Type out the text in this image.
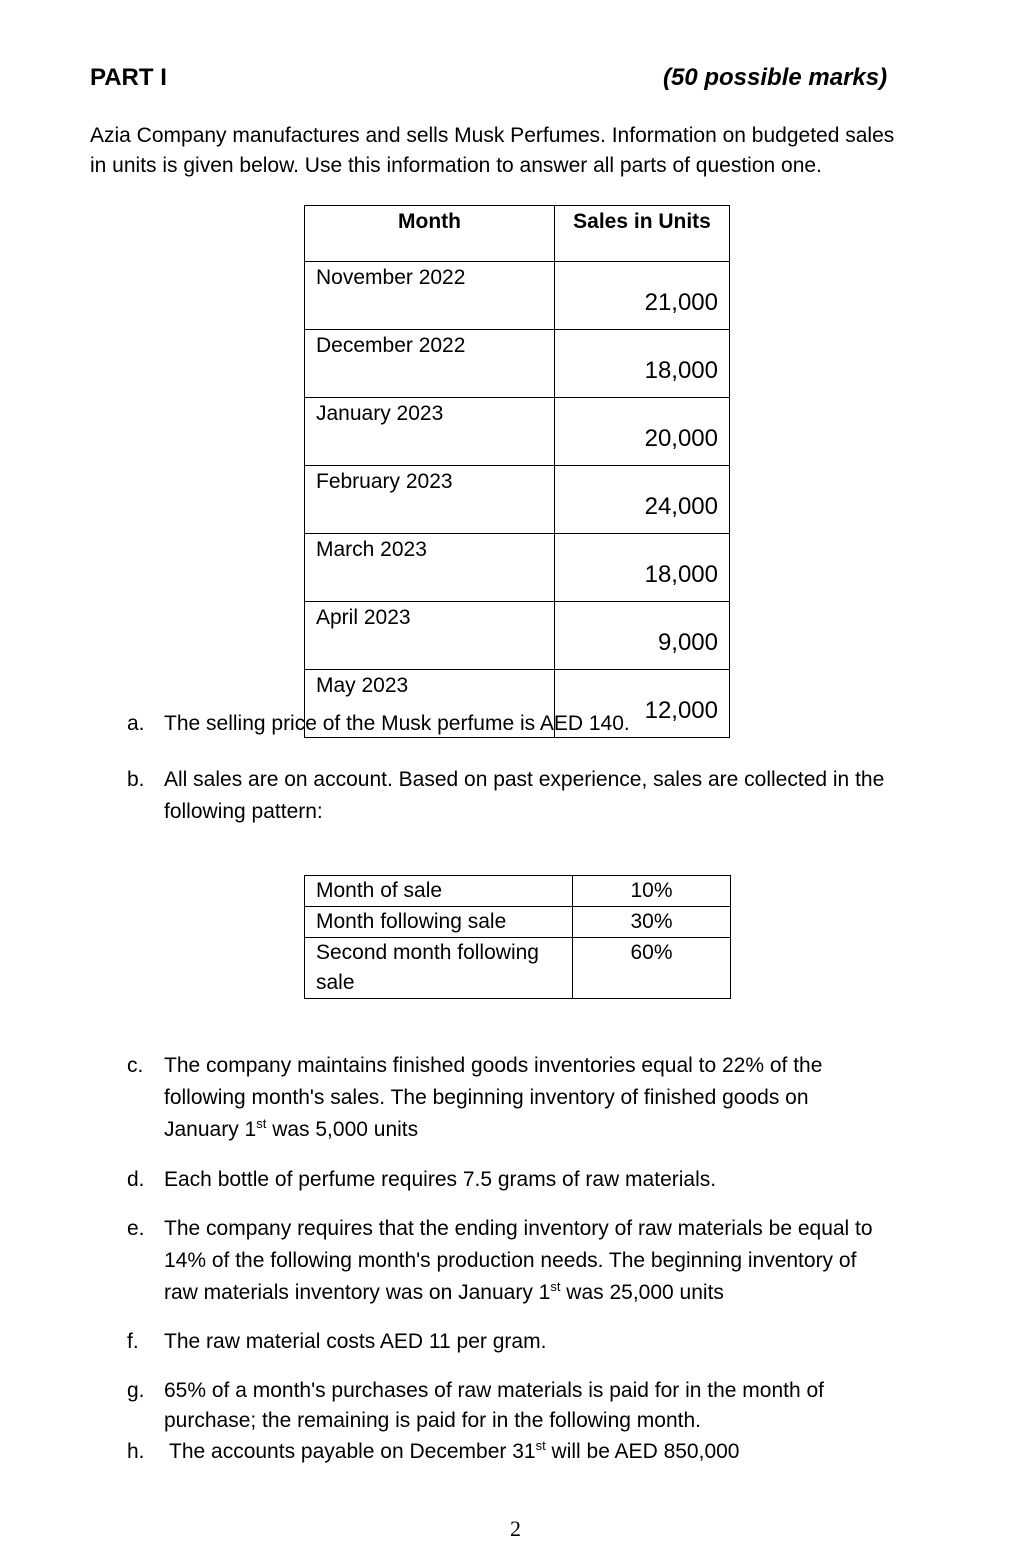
PART I	(50 possible marks)
Azia Company manufactures and sells Musk Perfumes. Information on budgeted sales
in units is given below. Use this information to answer all parts of question one.
Month	Sales in Units
November 2022	21,000
December 2022	18,000
January 2023	20,000
February 2023	24,000
March 2023	18,000
April 2023	9,000
May 2023	12,000
a. The selling price of the Musk perfume is AED 140.
b. All sales are on account. Based on past experience, sales are collected in the
following pattern:
Month of sale	10%
Month following sale	30%

Second month following
sale	60%
c. The company maintains finished goods inventories equal to 22% of the
following month's sales. The beginning inventory of finished goods on
January 1st was 5,000 units
d. Each bottle of perfume requires 7.5 grams of raw materials.
e. The company requires that the ending inventory of raw materials be equal to
14% of the following month's production needs. The beginning inventory of
raw materials inventory was on January 1st was 25,000 units
f. The raw material costs AED 11 per gram.
g. 65% of a month's purchases of raw materials is paid for in the month of
purchase; the remaining is paid for in the following month.
h. The accounts payable on December 31st will be AED 850,000
2
